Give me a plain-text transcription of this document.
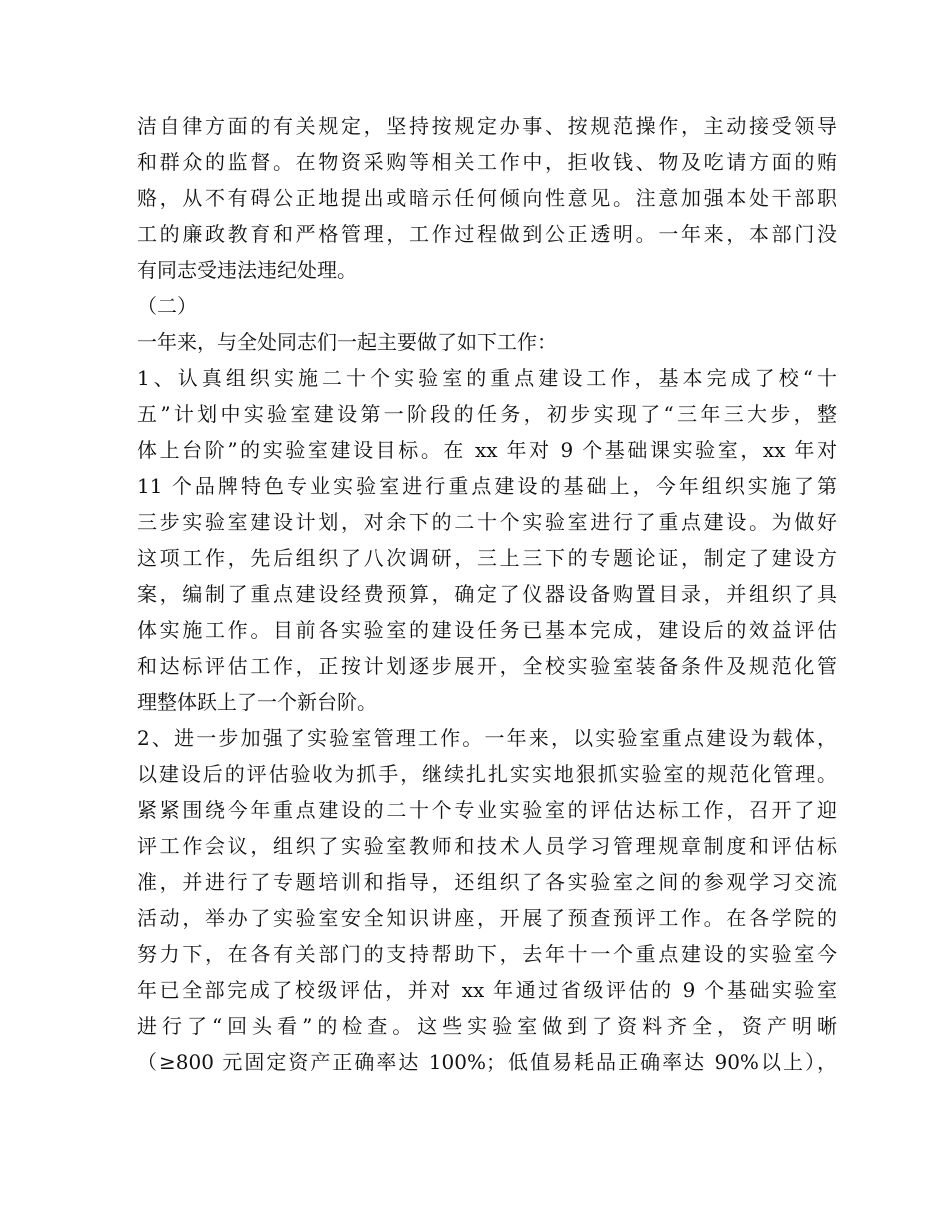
洁自律方面的有关规定，坚持按规定办事、按规范操作，主动接受领导
和群众的监督。在物资采购等相关工作中，拒收钱、物及吃请方面的贿
赂，从不有碍公正地提出或暗示任何倾向性意见。注意加强本处干部职
工的廉政教育和严格管理，工作过程做到公正透明。一年来，本部门没
有同志受违法违纪处理。
（二）
一年来，与全处同志们一起主要做了如下工作：
1、认真组织实施二十个实验室的重点建设工作，基本完成了校“十
五”计划中实验室建设第一阶段的任务，初步实现了“三年三大步，整
体上台阶”的实验室建设目标。在 xx 年对 9 个基础课实验室，xx 年对
11 个品牌特色专业实验室进行重点建设的基础上，今年组织实施了第
三步实验室建设计划，对余下的二十个实验室进行了重点建设。为做好
这项工作，先后组织了八次调研，三上三下的专题论证，制定了建设方
案，编制了重点建设经费预算，确定了仪器设备购置目录，并组织了具
体实施工作。目前各实验室的建设任务已基本完成，建设后的效益评估
和达标评估工作，正按计划逐步展开，全校实验室装备条件及规范化管
理整体跃上了一个新台阶。
2、进一步加强了实验室管理工作。一年来，以实验室重点建设为载体，
以建设后的评估验收为抓手，继续扎扎实实地狠抓实验室的规范化管理。
紧紧围绕今年重点建设的二十个专业实验室的评估达标工作，召开了迎
评工作会议，组织了实验室教师和技术人员学习管理规章制度和评估标
准，并进行了专题培训和指导，还组织了各实验室之间的参观学习交流
活动，举办了实验室安全知识讲座，开展了预查预评工作。在各学院的
努力下，在各有关部门的支持帮助下，去年十一个重点建设的实验室今
年已全部完成了校级评估，并对 xx 年通过省级评估的 9 个基础实验室
进行了“回头看”的检查。这些实验室做到了资料齐全，资产明晰
（≥800 元固定资产正确率达 100%；低值易耗品正确率达 90%以上），
